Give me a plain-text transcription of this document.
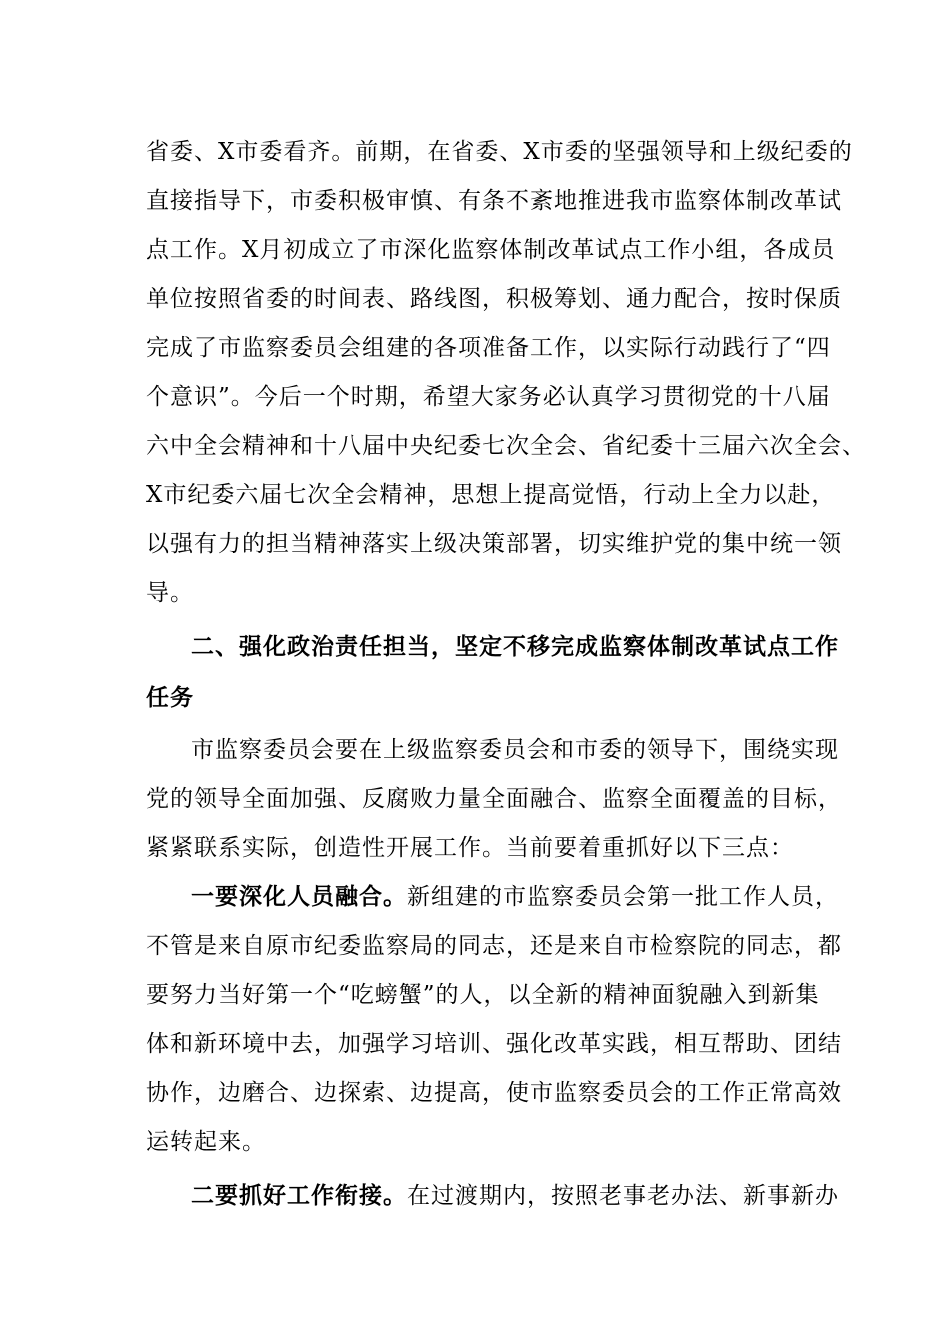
省委、X市委看齐。前期，在省委、X市委的坚强领导和上级纪委的
直接指导下，市委积极审慎、有条不紊地推进我市监察体制改革试
点工作。X月初成立了市深化监察体制改革试点工作小组，各成员
单位按照省委的时间表、路线图，积极筹划、通力配合，按时保质
完成了市监察委员会组建的各项准备工作，以实际行动践行了“四
个意识”。今后一个时期，希望大家务必认真学习贯彻党的十八届
六中全会精神和十八届中央纪委七次全会、省纪委十三届六次全会、
X市纪委六届七次全会精神，思想上提高觉悟，行动上全力以赴，
以强有力的担当精神落实上级决策部署，切实维护党的集中统一领
导。
二、强化政治责任担当，坚定不移完成监察体制改革试点工作
任务
市监察委员会要在上级监察委员会和市委的领导下，围绕实现
党的领导全面加强、反腐败力量全面融合、监察全面覆盖的目标，
紧紧联系实际，创造性开展工作。当前要着重抓好以下三点：
一要深化人员融合。新组建的市监察委员会第一批工作人员，
不管是来自原市纪委监察局的同志，还是来自市检察院的同志，都
要努力当好第一个“吃螃蟹”的人，以全新的精神面貌融入到新集
体和新环境中去，加强学习培训、强化改革实践，相互帮助、团结
协作，边磨合、边探索、边提高，使市监察委员会的工作正常高效
运转起来。
二要抓好工作衔接。在过渡期内，按照老事老办法、新事新办
